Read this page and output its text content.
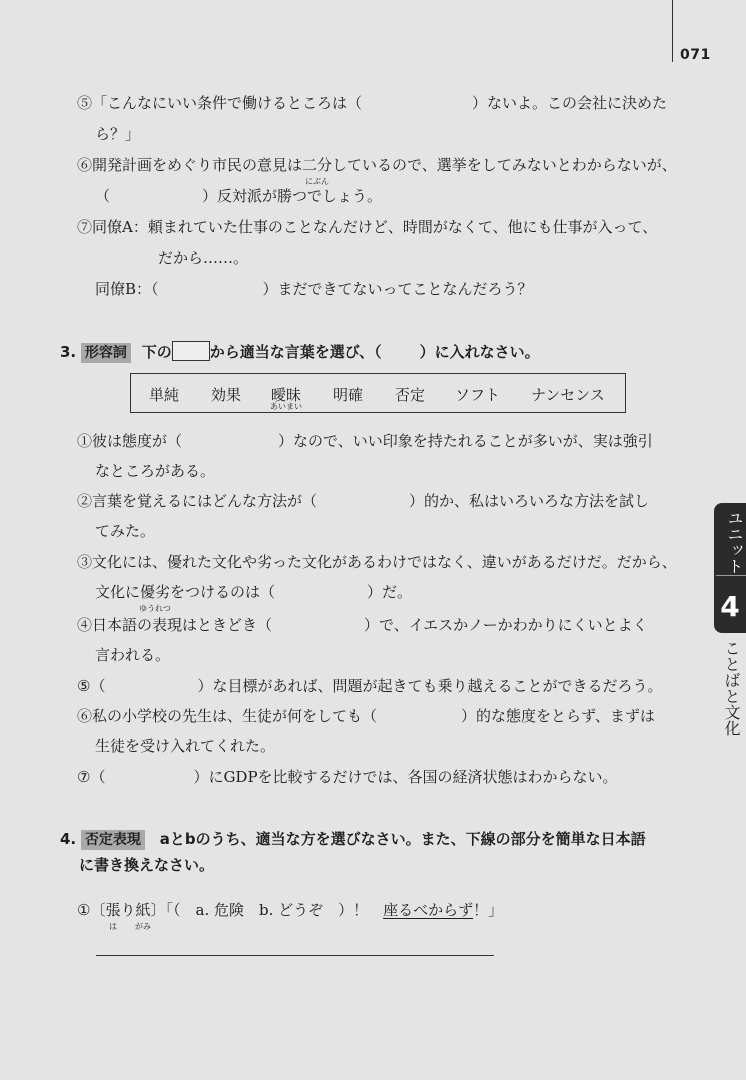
071
⑤「こんなにいい条件で働けるところは（	）ないよ。この会社に決めた
ら？」
⑥開発計画をめぐり市民の意見は二分
にぶん
しているので、選挙をしてみないとわからないが、
（	）反対派が勝つでしょう。
⑦同僚A：頼まれていた仕事のことなんだけど、時間がなくて、他にも仕事が入って、
だから……。
同僚B：（	）まだできてないってことなんだろう？
3. 形容詞 下の	から適当な言葉を選び、（	）に入れなさい。
単純 効果 曖昧
あいまい
明確 否定 ソフト ナンセンス
①彼は態度が（	）なので、いい印象を持たれることが多いが、実は強引
なところがある。
②言葉を覚えるにはどんな方法が（	）的か、私はいろいろな方法を試し
てみた。
③文化には、優れた文化や劣った文化があるわけではなく、違いがあるだけだ。だから、
文化に優劣
ゆうれつ
をつけるのは（	）だ。
④日本語の表現はときどき（	）で、イエスかノーかわかりにくいとよく
言われる。
⑤（	）な目標があれば、問題が起きても乗り越えることができるだろう。
⑥私の小学校の先生は、生徒が何をしても（	）的な態度をとらず、まずは
生徒を受け入れてくれた。
⑦（	）にGDPを比較するだけでは、各国の経済状態はわからない。
4. 否定表現 aとbのうち、適当な方を選びなさい。また、下線の部分を簡単な日本語
に書き換えなさい。
①〔張
は
り紙
がみ
〕「（　a. 危険　b. どうぞ　）！　座るべからず！」
ユニット
4
ことばと文化
